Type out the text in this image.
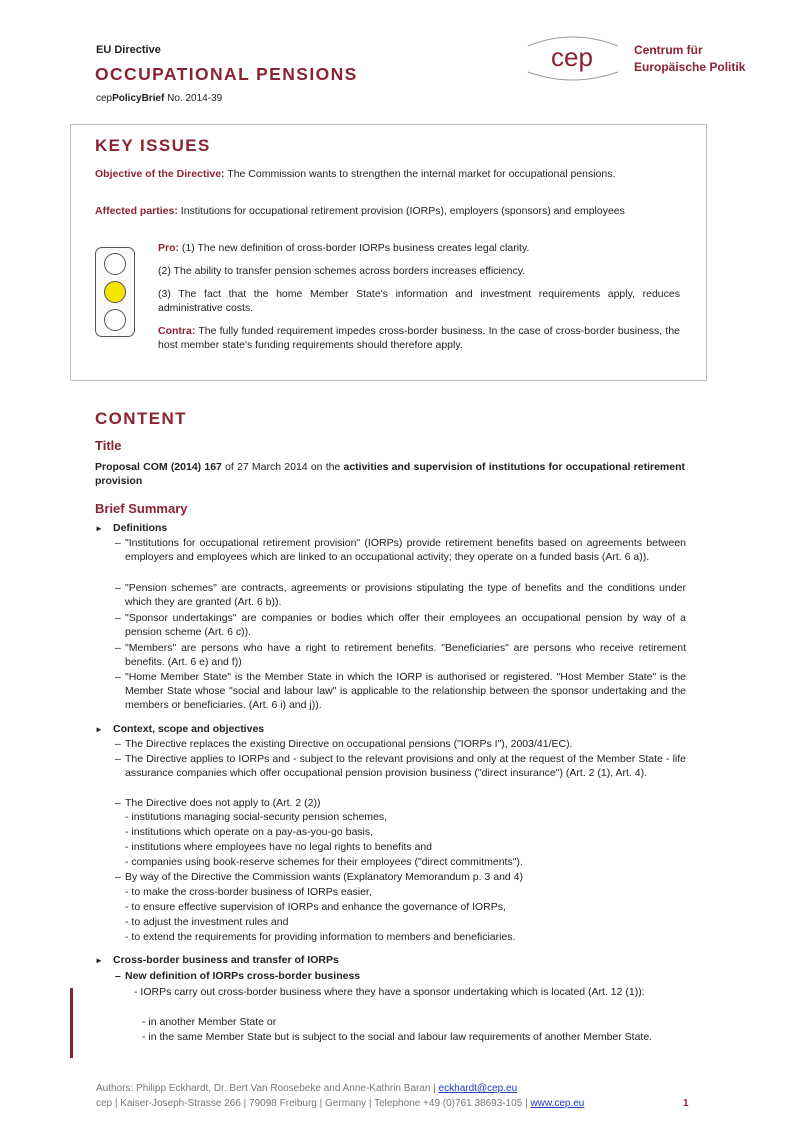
EU Directive
OCCUPATIONAL PENSIONS
cepPolicyBrief No. 2014-39
cep	Centrum für
Europäische Politik
KEY ISSUES
Objective of the Directive: The Commission wants to strengthen the internal market for occupational pensions.
Affected parties: Institutions for occupational retirement provision (IORPs), employers (sponsors) and employees
Pro: (1) The new definition of cross-border IORPs business creates legal clarity.
(2) The ability to transfer pension schemes across borders increases efficiency.
(3) The fact that the home Member State's information and investment requirements apply, reduces administrative costs.
Contra: The fully funded requirement impedes cross-border business. In the case of cross-border business, the host member state's funding requirements should therefore apply.
CONTENT
Title
Proposal COM (2014) 167 of 27 March 2014 on the activities and supervision of institutions for occupational retirement provision
Brief Summary
► Definitions
– "Institutions for occupational retirement provision" (IORPs) provide retirement benefits based on agreements between employers and employees which are linked to an occupational activity; they operate on a funded basis (Art. 6 a)).
– "Pension schemes" are contracts, agreements or provisions stipulating the type of benefits and the conditions under which they are granted (Art. 6 b)).
– "Sponsor undertakings" are companies or bodies which offer their employees an occupational pension by way of a pension scheme (Art. 6 c)).
– "Members" are persons who have a right to retirement benefits. "Beneficiaries" are persons who receive retirement benefits. (Art. 6 e) and f))
– "Home Member State" is the Member State in which the IORP is authorised or registered. "Host Member State" is the Member State whose "social and labour law" is applicable to the relationship between the sponsor undertaking and the members or beneficiaries. (Art. 6 i) and j)).
► Context, scope and objectives
– The Directive replaces the existing Directive on occupational pensions ("IORPs I"), 2003/41/EC).
– The Directive applies to IORPs and - subject to the relevant provisions and only at the request of the Member State - life assurance companies which offer occupational pension provision business ("direct insurance") (Art. 2 (1), Art. 4).
– The Directive does not apply to (Art. 2 (2))
- institutions managing social-security pension schemes,
- institutions which operate on a pay-as-you-go basis,
- institutions where employees have no legal rights to benefits and
- companies using book-reserve schemes for their employees ("direct commitments").
– By way of the Directive the Commission wants (Explanatory Memorandum p. 3 and 4)
- to make the cross-border business of IORPs easier,
- to ensure effective supervision of IORPs and enhance the governance of IORPs,
- to adjust the investment rules and
- to extend the requirements for providing information to members and beneficiaries.
► Cross-border business and transfer of IORPs
– New definition of IORPs cross-border business
- IORPs carry out cross-border business where they have a sponsor undertaking which is located (Art. 12 (1)):
- in another Member State or
- in the same Member State but is subject to the social and labour law requirements of another Member State.
Authors: Philipp Eckhardt, Dr. Bert Van Roosebeke and Anne-Kathrin Baran | eckhardt@cep.eu
cep | Kaiser-Joseph-Strasse 266 | 79098 Freiburg | Germany | Telephone +49 (0)761 38693-105 | www.cep.eu	1
